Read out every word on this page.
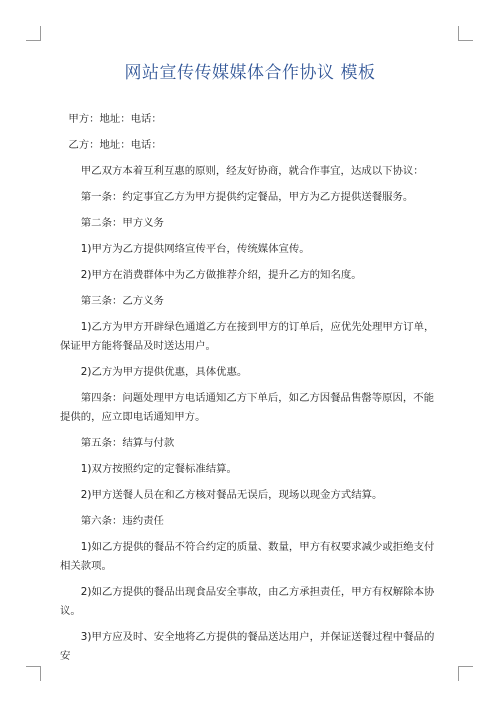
网站宣传传媒媒体合作协议 模板

甲方：地址：电话：

乙方：地址：电话：

甲乙双方本着互利互惠的原则，经友好协商，就合作事宜，达成以下协议：

第一条：约定事宜乙方为甲方提供约定餐品，甲方为乙方提供送餐服务。

第二条：甲方义务

1)甲方为乙方提供网络宣传平台，传统媒体宣传。

2)甲方在消费群体中为乙方做推荐介绍，提升乙方的知名度。

第三条：乙方义务

1)乙方为甲方开辟绿色通道乙方在接到甲方的订单后，应优先处理甲方订单，保证甲方能将餐品及时送达用户。

2)乙方为甲方提供优惠，具体优惠。

第四条：问题处理甲方电话通知乙方下单后，如乙方因餐品售罄等原因，不能提供的，应立即电话通知甲方。

第五条：结算与付款

1)双方按照约定的定餐标准结算。

2)甲方送餐人员在和乙方核对餐品无误后，现场以现金方式结算。

第六条：违约责任

1)如乙方提供的餐品不符合约定的质量、数量，甲方有权要求减少或拒绝支付相关款项。

2)如乙方提供的餐品出现食品安全事故，由乙方承担责任，甲方有权解除本协议。

3)甲方应及时、安全地将乙方提供的餐品送达用户，并保证送餐过程中餐品的安
